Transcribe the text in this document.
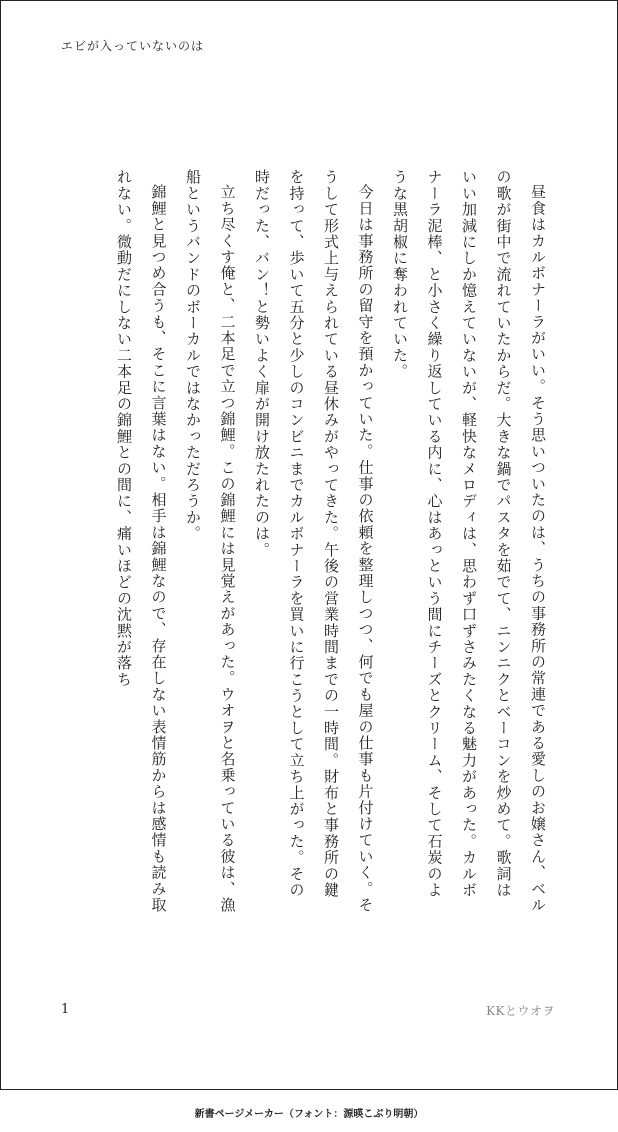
エビが入っていないのは

昼食はカルボナーラがいい。そう思いついたのは、うちの事務所の常連である愛しのお嬢さん、ベルの歌が街中で流れていたからだ。大きな鍋でパスタを茹でて、ニンニクとベーコンを炒めて。歌詞はいい加減にしか憶えていないが、軽快なメロディは、思わず口ずさみたくなる魅力があった。カルボナーラ泥棒、と小さく繰り返している内に、心はあっという間にチーズとクリーム、そして石炭のような黒胡椒に奪われていた。

今日は事務所の留守を預かっていた。仕事の依頼を整理しつつ、何でも屋の仕事も片付けていく。そうして形式上与えられている昼休みがやってきた。午後の営業時間までの一時間。財布と事務所の鍵を持って、歩いて五分と少しのコンビニまでカルボナーラを買いに行こうとして立ち上がった。その時だった、バン！と勢いよく扉が開け放たれたのは。

立ち尽くす俺と、二本足で立つ錦鯉。この錦鯉には見覚えがあった。ウオヲと名乗っている彼は、漁船というバンドのボーカルではなかっただろうか。

錦鯉と見つめ合うも、そこに言葉はない。相手は錦鯉なので、存在しない表情筋からは感情も読み取れない。微動だにしない二本足の錦鯉との間に、痛いほどの沈黙が落ち

1	KKとウオヲ
新書ページメーカー（フォント：源暎こぶり明朝）
